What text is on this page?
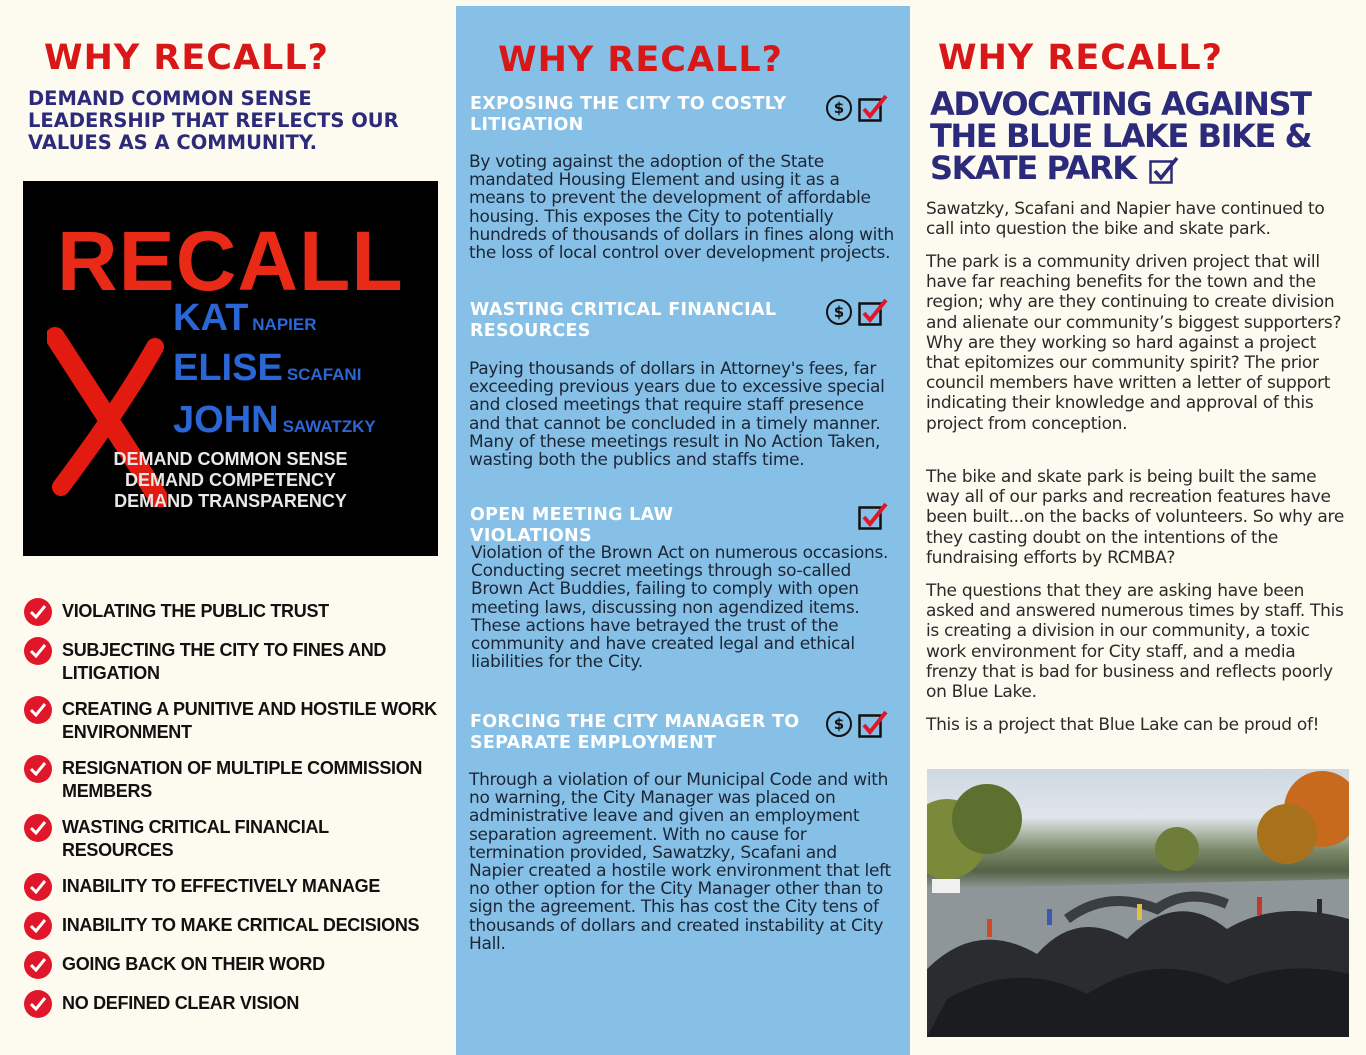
WHY RECALL?
DEMAND COMMON SENSE LEADERSHIP THAT REFLECTS OUR VALUES AS A COMMUNITY.
RECALL
KAT NAPIER
ELISE SCAFANI
JOHN SAWATZKY
DEMAND COMMON SENSE
DEMAND COMPETENCY
DEMAND TRANSPARENCY
VIOLATING THE PUBLIC TRUST
SUBJECTING THE CITY TO FINES AND LITIGATION
CREATING A PUNITIVE AND HOSTILE WORK ENVIRONMENT
RESIGNATION OF MULTIPLE COMMISSION MEMBERS
WASTING CRITICAL FINANCIAL RESOURCES
INABILITY TO EFFECTIVELY MANAGE
INABILITY TO MAKE CRITICAL DECISIONS
GOING BACK ON THEIR WORD
NO DEFINED CLEAR VISION
WHY RECALL?
EXPOSING THE CITY TO COSTLY LITIGATION
$
By voting against the adoption of the State mandated Housing Element and using it as a means to prevent the development of affordable housing. This exposes the City to potentially hundreds of thousands of dollars in fines along with the loss of local control over development projects.
WASTING CRITICAL FINANCIAL RESOURCES
$
Paying thousands of dollars in Attorney's fees, far exceeding previous years due to excessive special and closed meetings that require staff presence and that cannot be concluded in a timely manner. Many of these meetings result in No Action Taken, wasting both the publics and staffs time.
OPEN MEETING LAW VIOLATIONS
Violation of the Brown Act on numerous occasions. Conducting secret meetings through so-called Brown Act Buddies, failing to comply with open meeting laws, discussing non agendized items. These actions have betrayed the trust of the community and have created legal and ethical liabilities for the City.
FORCING THE CITY MANAGER TO SEPARATE EMPLOYMENT
$
Through a violation of our Municipal Code and with no warning, the City Manager was placed on administrative leave and given an employment separation agreement. With no cause for termination provided, Sawatzky, Scafani and Napier created a hostile work environment that left no other option for the City Manager other than to sign the agreement. This has cost the City tens of thousands of dollars and created instability at City Hall.
WHY RECALL?
ADVOCATING AGAINST THE BLUE LAKE BIKE & SKATE PARK
Sawatzky, Scafani and Napier have continued to call into question the bike and skate park.
The park is a community driven project that will have far reaching benefits for the town and the region; why are they continuing to create division and alienate our community’s biggest supporters? Why are they working so hard against a project that epitomizes our community spirit? The prior council members have written a letter of support indicating their knowledge and approval of this project from conception.
The bike and skate park is being built the same way all of our parks and recreation features have been built...on the backs of volunteers. So why are they casting doubt on the intentions of the fundraising efforts by RCMBA?
The questions that they are asking have been asked and answered numerous times by staff. This is creating a division in our community, a toxic work environment for City staff, and a media frenzy that is bad for business and reflects poorly on Blue Lake.
This is a project that Blue Lake can be proud of!
